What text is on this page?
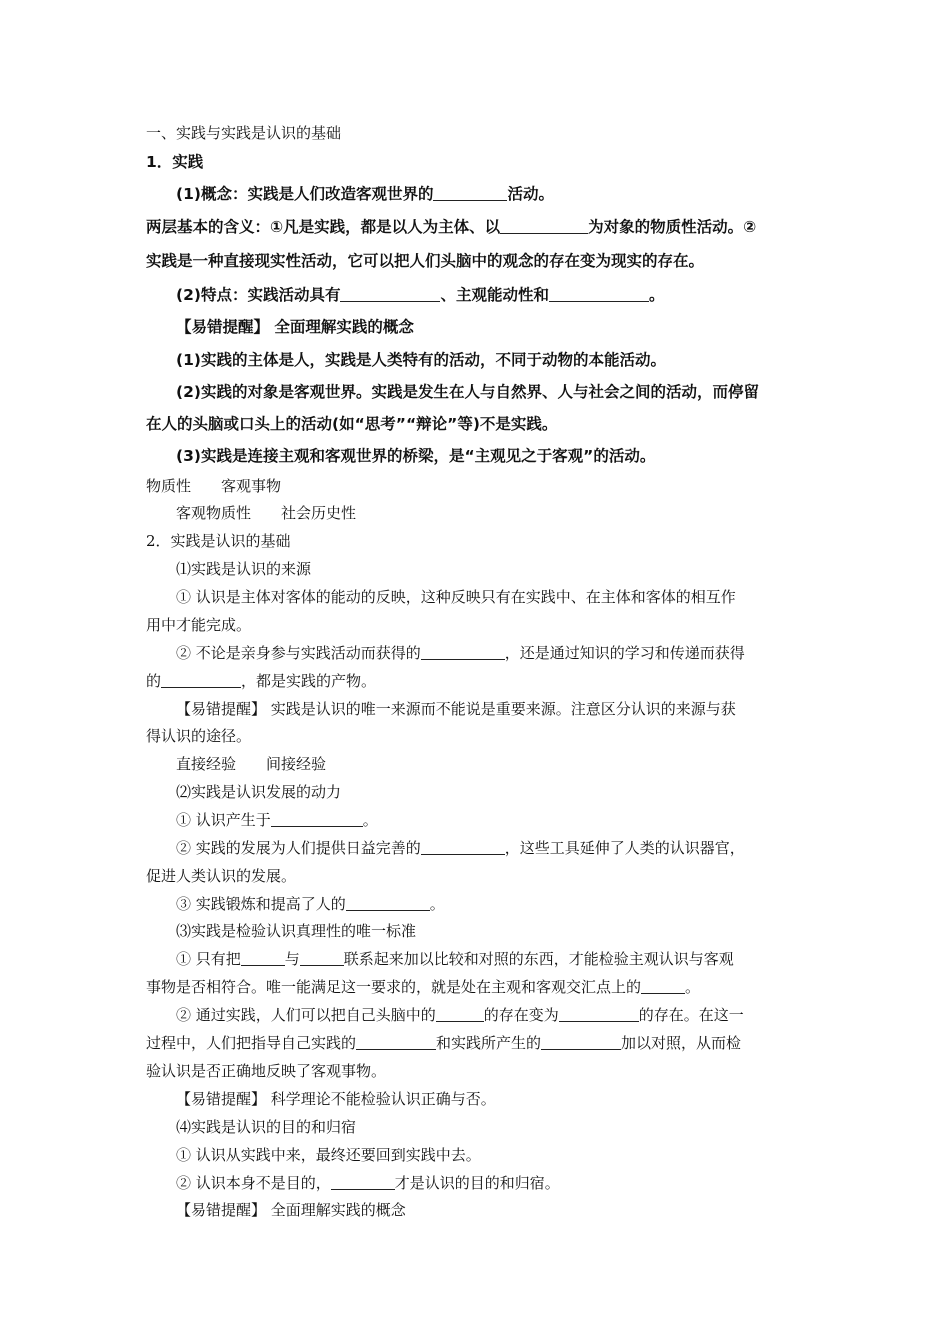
一、实践与实践是认识的基础
1．实践
(1)概念：实践是人们改造客观世界的	活动。
两层基本的含义：①凡是实践，都是以人为主体、以	为对象的物质性活动。②
实践是一种直接现实性活动，它可以把人们头脑中的观念的存在变为现实的存在。
(2)特点：实践活动具有	、主观能动性和	。
【易错提醒】 全面理解实践的概念
(1)实践的主体是人，实践是人类特有的活动，不同于动物的本能活动。
(2)实践的对象是客观世界。实践是发生在人与自然界、人与社会之间的活动，而停留
在人的头脑或口头上的活动(如“思考”“辩论”等)不是实践。
(3)实践是连接主观和客观世界的桥梁，是“主观见之于客观”的活动。
物质性　　客观事物
客观物质性　　社会历史性
2．实践是认识的基础
⑴实践是认识的来源
① 认识是主体对客体的能动的反映，这种反映只有在实践中、在主体和客体的相互作
用中才能完成。
② 不论是亲身参与实践活动而获得的	，还是通过知识的学习和传递而获得
的	，都是实践的产物。
【易错提醒】 实践是认识的唯一来源而不能说是重要来源。注意区分认识的来源与获
得认识的途径。
直接经验　　间接经验
⑵实践是认识发展的动力
① 认识产生于	。
② 实践的发展为人们提供日益完善的	，这些工具延伸了人类的认识器官，
促进人类认识的发展。
③ 实践锻炼和提高了人的	。
⑶实践是检验认识真理性的唯一标准
① 只有把	与	联系起来加以比较和对照的东西，才能检验主观认识与客观
事物是否相符合。唯一能满足这一要求的，就是处在主观和客观交汇点上的	。
② 通过实践，人们可以把自己头脑中的	的存在变为	的存在。在这一
过程中，人们把指导自己实践的	和实践所产生的	加以对照，从而检
验认识是否正确地反映了客观事物。
【易错提醒】 科学理论不能检验认识正确与否。
⑷实践是认识的目的和归宿
① 认识从实践中来，最终还要回到实践中去。
② 认识本身不是目的，	才是认识的目的和归宿。
【易错提醒】 全面理解实践的概念
